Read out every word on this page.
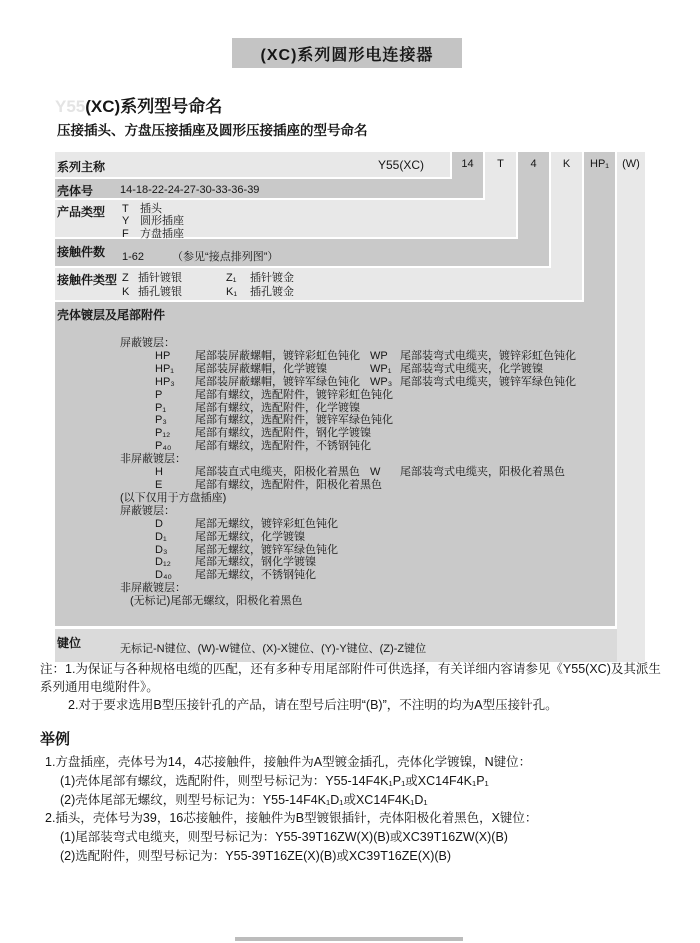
(XC)系列圆形电连接器
Y55(XC)系列型号命名
压接插头、方盘压接插座及圆形压接插座的型号命名
14	T	4	K	HP₁	(W)
系列主称	Y55(XC)
壳体号 14-18-22-24-27-30-33-36-39
产品类型 T 插头
Y 圆形插座
F 方盘插座
接触件数 1-62	（参见“接点排列图”）
接触件类型 Z 插针镀银	Z₁ 插针镀金
K 插孔镀银	K₁ 插孔镀金
壳体镀层及尾部附件
屏蔽镀层：
HP	尾部装屏蔽螺帽，镀锌彩虹色钝化 WP	尾部装弯式电缆夹，镀锌彩虹色钝化
HP₁	尾部装屏蔽螺帽，化学镀镍	WP₁ 尾部装弯式电缆夹，化学镀镍
HP₃	尾部装屏蔽螺帽，镀锌军绿色钝化 WP₃ 尾部装弯式电缆夹，镀锌军绿色钝化
P	尾部有螺纹，选配附件，镀锌彩虹色钝化
P₁	尾部有螺纹，选配附件，化学镀镍
P₃	尾部有螺纹，选配附件，镀锌军绿色钝化
P₁₂	尾部有螺纹，选配附件，钢化学镀镍
P₄₀	尾部有螺纹，选配附件，不锈钢钝化
非屏蔽镀层：
H	尾部装直式电缆夹，阳极化着黑色 W	尾部装弯式电缆夹，阳极化着黑色
E	尾部有螺纹，选配附件，阳极化着黑色
(以下仅用于方盘插座)
屏蔽镀层：
D	尾部无螺纹，镀锌彩虹色钝化
D₁	尾部无螺纹，化学镀镍
D₃	尾部无螺纹，镀锌军绿色钝化
D₁₂	尾部无螺纹，钢化学镀镍
D₄₀	尾部无螺纹，不锈钢钝化
非屏蔽镀层：
(无标记)尾部无螺纹，阳极化着黑色
键位	无标记-N键位、(W)-W键位、(X)-X键位、(Y)-Y键位、(Z)-Z键位
注：1.为保证与各种规格电缆的匹配，还有多种专用尾部附件可供选择，有关详细内容请参见《Y55(XC)及其派生系列通用电缆附件》。
2.对于要求选用B型压接针孔的产品，请在型号后注明“(B)”，不注明的均为A型压接针孔。
举例
1.方盘插座，壳体号为14，4芯接触件，接触件为A型镀金插孔，壳体化学镀镍，N键位：
(1)壳体尾部有螺纹，选配附件，则型号标记为：Y55-14F4K₁P₁或XC14F4K₁P₁
(2)壳体尾部无螺纹，则型号标记为：Y55-14F4K₁D₁或XC14F4K₁D₁
2.插头，壳体号为39，16芯接触件，接触件为B型镀银插针，壳体阳极化着黑色，X键位：
(1)尾部装弯式电缆夹，则型号标记为：Y55-39T16ZW(X)(B)或XC39T16ZW(X)(B)
(2)选配附件，则型号标记为：Y55-39T16ZE(X)(B)或XC39T16ZE(X)(B)
